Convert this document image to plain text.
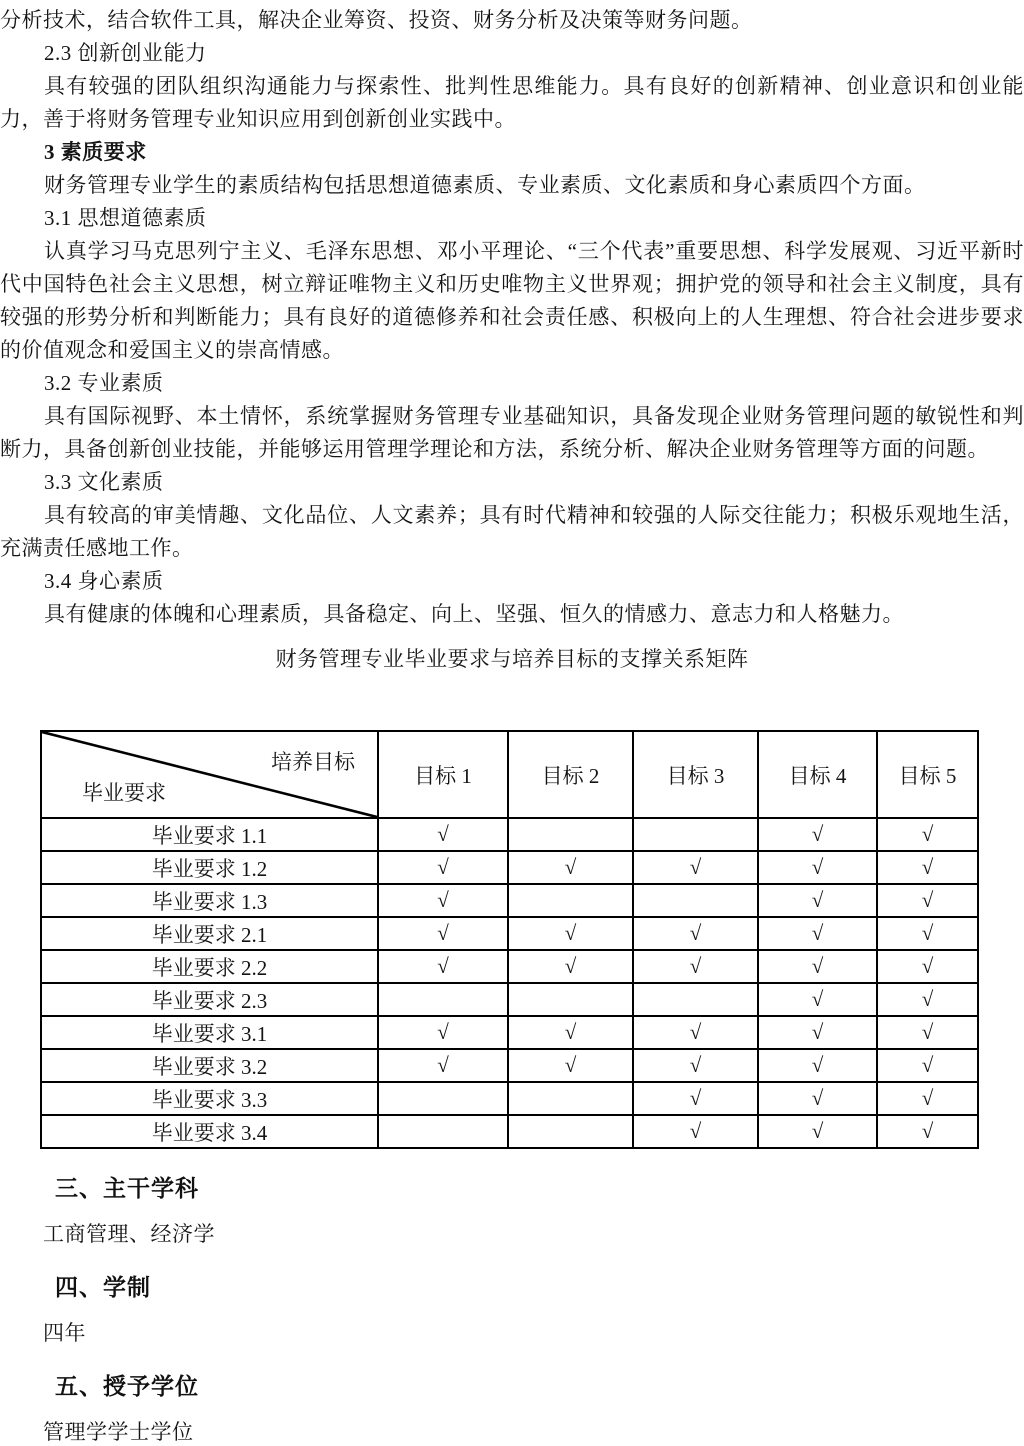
分析技术，结合软件工具，解决企业筹资、投资、财务分析及决策等财务问题。

2.3 创新创业能力

具有较强的团队组织沟通能力与探索性、批判性思维能力。具有良好的创新精神、创业意识和创业能力，善于将财务管理专业知识应用到创新创业实践中。

3 素质要求

财务管理专业学生的素质结构包括思想道德素质、专业素质、文化素质和身心素质四个方面。

3.1 思想道德素质

认真学习马克思列宁主义、毛泽东思想、邓小平理论、“三个代表”重要思想、科学发展观、习近平新时代中国特色社会主义思想，树立辩证唯物主义和历史唯物主义世界观；拥护党的领导和社会主义制度，具有较强的形势分析和判断能力；具有良好的道德修养和社会责任感、积极向上的人生理想、符合社会进步要求的价值观念和爱国主义的崇高情感。

3.2 专业素质

具有国际视野、本土情怀，系统掌握财务管理专业基础知识，具备发现企业财务管理问题的敏锐性和判断力，具备创新创业技能，并能够运用管理学理论和方法，系统分析、解决企业财务管理等方面的问题。

3.3 文化素质

具有较高的审美情趣、文化品位、人文素养；具有时代精神和较强的人际交往能力；积极乐观地生活，充满责任感地工作。

3.4 身心素质

具有健康的体魄和心理素质，具备稳定、向上、坚强、恒久的情感力、意志力和人格魅力。

财务管理专业毕业要求与培养目标的支撑关系矩阵
培养目标
毕业要求	目标 1	目标 2	目标 3	目标 4	目标 5
毕业要求 1.1	√			√	√
毕业要求 1.2	√	√	√	√	√
毕业要求 1.3	√			√	√
毕业要求 2.1	√	√	√	√	√
毕业要求 2.2	√	√	√	√	√
毕业要求 2.3				√	√
毕业要求 3.1	√	√	√	√	√
毕业要求 3.2	√	√	√	√	√
毕业要求 3.3			√	√	√
毕业要求 3.4			√	√	√
三、主干学科
工商管理、经济学
四、学制
四年
五、授予学位
管理学学士学位
